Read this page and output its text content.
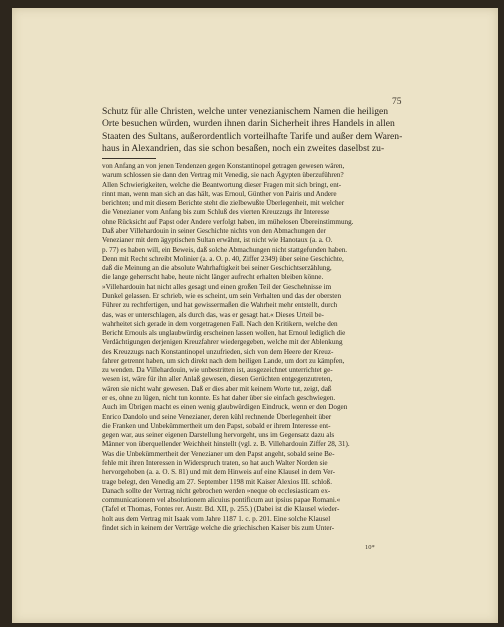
75
Schutz für alle Christen, welche unter venezianischem Namen die heiligen
Orte besuchen würden, wurden ihnen darin Sicherheit ihres Handels in allen
Staaten des Sultans, außerordentlich vorteilhafte Tarife und außer dem Waren-
haus in Alexandrien, das sie schon besaßen, noch ein zweites daselbst zu-
von Anfang an von jenen Tendenzen gegen Konstantinopel getragen gewesen wären,
warum schlossen sie dann den Vertrag mit Venedig, sie nach Ägypten überzuführen?
Allen Schwierigkeiten, welche die Beantwortung dieser Fragen mit sich bringt, ent-
rinnt man, wenn man sich an das hält, was Ernoul, Günther von Pairis und Andere
berichten; und mit diesem Berichte steht die zielbewußte Überlegenheit, mit welcher
die Venezianer vom Anfang bis zum Schluß des vierten Kreuzzugs ihr Interesse
ohne Rücksicht auf Papst oder Andere verfolgt haben, im mühelosen Übereinstimmung.
Daß aber Villehardouin in seiner Geschichte nichts von den Abmachungen der
Venezianer mit dem ägyptischen Sultan erwähnt, ist nicht wie Hanotaux (a. a. O.
p. 77) es haben will, ein Beweis, daß solche Abmachungen nicht stattgefunden haben.
Denn mit Recht schreibt Molinier (a. a. O. p. 40, Ziffer 2349) über seine Geschichte,
daß die Meinung an die absolute Wahrhaftigkeit bei seiner Geschichtserzählung,
die lange geherrscht habe, heute nicht länger aufrecht erhalten bleiben könne.
»Villehardouin hat nicht alles gesagt und einen großen Teil der Geschehnisse im
Dunkel gelassen. Er schrieb, wie es scheint, um sein Verhalten und das der obersten
Führer zu rechtfertigen, und hat gewissermaßen die Wahrheit mehr entstellt, durch
das, was er unterschlagen, als durch das, was er gesagt hat.« Dieses Urteil be-
wahrheitet sich gerade in dem vorgetragenen Fall. Nach den Kritikern, welche den
Bericht Ernouls als unglaubwürdig erscheinen lassen wollen, hat Ernoul lediglich die
Verdächtigungen derjenigen Kreuzfahrer wiedergegeben, welche mit der Ablenkung
des Kreuzzugs nach Konstantinopel unzufrieden, sich von dem Heere der Kreuz-
fahrer getrennt haben, um sich direkt nach dem heiligen Lande, um dort zu kämpfen,
zu wenden. Da Villehardouin, wie unbestritten ist, ausgezeichnet unterrichtet ge-
wesen ist, wäre für ihn aller Anlaß gewesen, diesen Gerüchten entgegenzutreten,
wären sie nicht wahr gewesen. Daß er dies aber mit keinem Worte tut, zeigt, daß
er es, ohne zu lügen, nicht tun konnte. Es hat daher über sie einfach geschwiegen.
Auch im Übrigen macht es einen wenig glaubwürdigen Eindruck, wenn er den Dogen
Enrico Dandolo und seine Venezianer, deren kühl rechnende Überlegenheit über
die Franken und Unbekümmertheit um den Papst, sobald er ihrem Interesse ent-
gegen war, aus seiner eigenen Darstellung hervorgeht, uns im Gegensatz dazu als
Männer von überquellender Weichheit hinstellt (vgl. z. B. Villehardouin Ziffer 28, 31).
Was die Unbekümmertheit der Venezianer um den Papst angeht, sobald seine Be-
fehle mit ihren Interessen in Widerspruch traten, so hat auch Walter Norden sie
hervorgehoben (a. a. O. S. 81) und mit dem Hinweis auf eine Klausel in dem Ver-
trage belegt, den Venedig am 27. September 1198 mit Kaiser Alexios III. schloß.
Danach sollte der Vertrag nicht gebrochen werden »neque ob ecclesiasticam ex-
communicationem vel absolutionem alicuius pontificum aut ipsius papae Romani.«
(Tafel et Thomas, Fontes rer. Austr. Bd. XII, p. 255.) (Dabei ist die Klausel wieder-
holt aus dem Vertrag mit Isaak vom Jahre 1187 1. c. p. 201. Eine solche Klausel
findet sich in keinem der Verträge welche die griechischen Kaiser bis zum Unter-
10*
